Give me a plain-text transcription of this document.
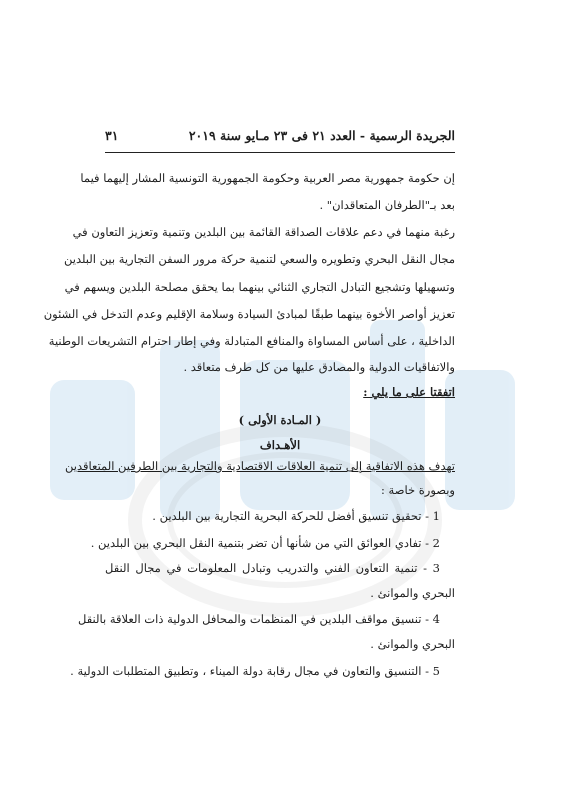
الجريدة الرسمية - العدد ٢١ فى ٢٣ مـايو سنة ٢٠١٩
٣١
إن حكومة جمهورية مصر العربية وحكومة الجمهورية التونسية المشار إليهما فيما
بعد بـ"الطرفان المتعاقدان" .
رغبة منهما في دعم علاقات الصداقة القائمة بين البلدين وتنمية وتعزيز التعاون في
مجال النقل البحري وتطويره والسعي لتنمية حركة مرور السفن التجارية بين البلدين
وتسهيلها وتشجيع التبادل التجاري الثنائي بينهما بما يحقق مصلحة البلدين ويسهم في
تعزيز أواصر الأخوة بينهما طبقًا لمبادئ السيادة وسلامة الإقليم وعدم التدخل في الشئون
الداخلية ، على أساس المساواة والمنافع المتبادلة وفي إطار احترام التشريعات الوطنية
والاتفاقيات الدولية والمصادق عليها من كل طرف متعاقد .
اتفقتا على ما يلي :
( المـادة الأولى )
الأهـداف
تهدف هذه الاتفاقية إلى تنمية العلاقات الاقتصادية والتجارية بين الطرفين المتعاقدين
وبصورة خاصة :
1 - تحقيق تنسيق أفضل للحركة البحرية التجارية بين البلدين .
2 - تفادي العوائق التي من شأنها أن تضر بتنمية النقل البحري بين البلدين .
3 - تنمية التعاون الفني والتدريب وتبادل المعلومات في مجال النقل
البحري والموانئ .
4 - تنسيق مواقف البلدين في المنظمات والمحافل الدولية ذات العلاقة بالنقل
البحري والموانئ .
5 - التنسيق والتعاون في مجال رقابة دولة الميناء ، وتطبيق المتطلبات الدولية .
